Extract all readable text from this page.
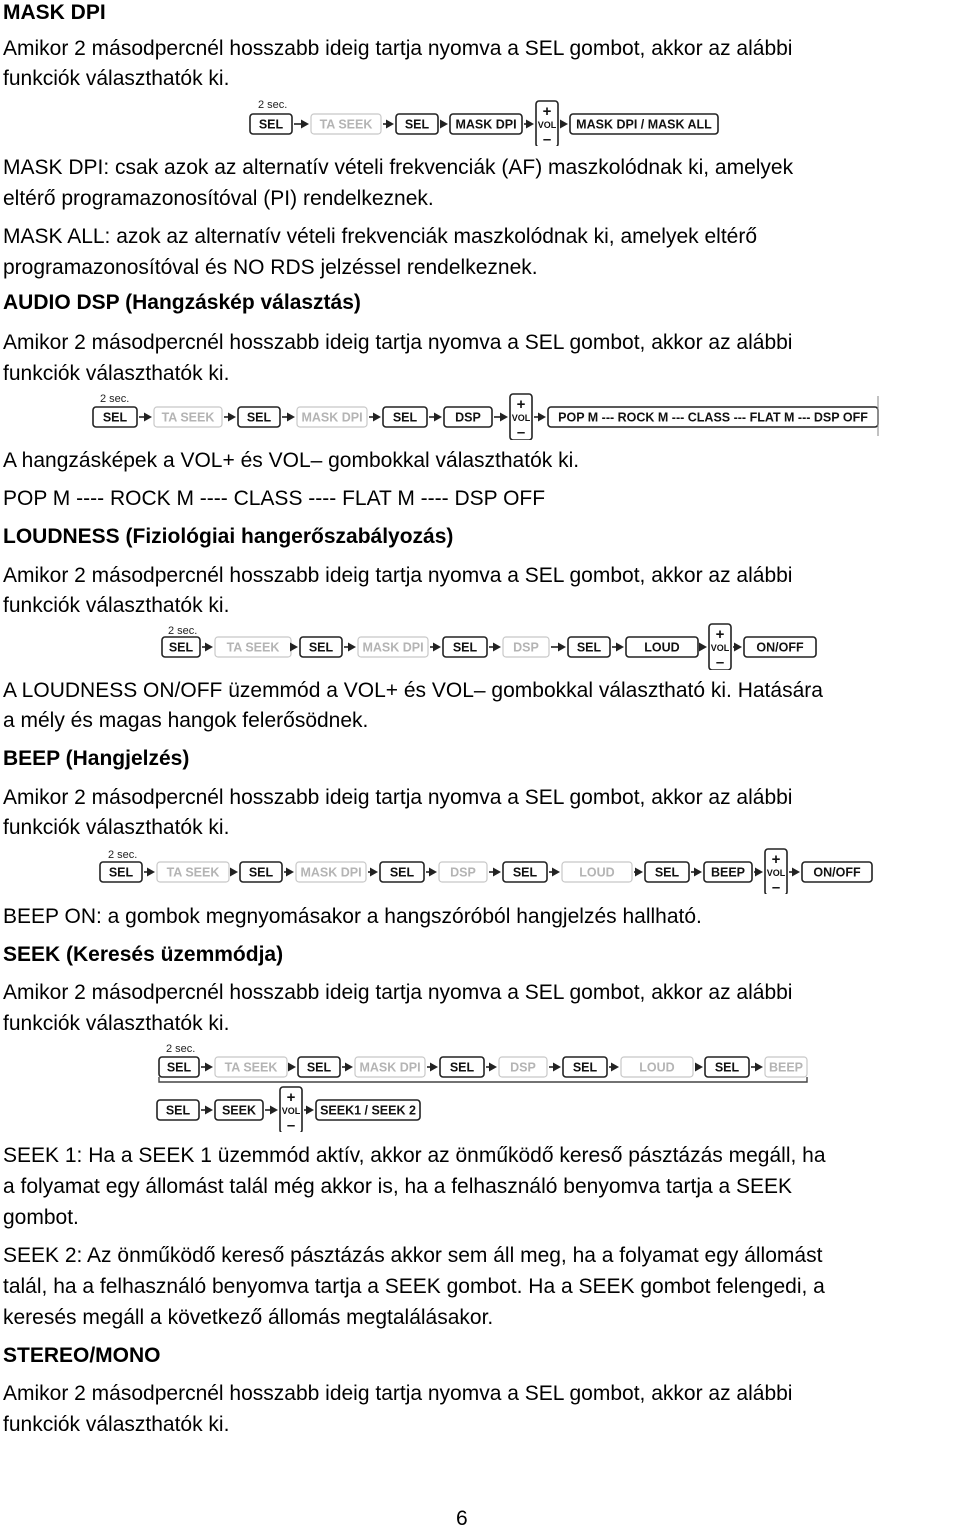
MASK DPI
Amikor 2 másodpercnél hosszabb ideig tartja nyomva a SEL gombot, akkor az alábbi
funkciók választhatók ki.
2 sec.
SEL	TA SEEK	SEL MASK DPI
+
VOL
–
MASK DPI / MASK ALL
MASK DPI: csak azok az alternatív vételi frekvenciák (AF) maszkolódnak ki, amelyek
eltérő programazonosítóval (PI) rendelkeznek.
MASK ALL: azok az alternatív vételi frekvenciák maszkolódnak ki, amelyek eltérő
programazonosítóval és NO RDS jelzéssel rendelkeznek.
AUDIO DSP (Hangzáskép választás)
Amikor 2 másodpercnél hosszabb ideig tartja nyomva a SEL gombot, akkor az alábbi
funkciók választhatók ki.
2 sec.
SEL	TA SEEK	SEL MASK DPI SEL	DSP
+
VOL
–
POP M --- ROCK M --- CLASS --- FLAT M --- DSP OFF
A hangzásképek a VOL+ és VOL– gombokkal választhatók ki.
POP M ---- ROCK M ---- CLASS ---- FLAT M ---- DSP OFF
LOUDNESS (Fiziológiai hangerőszabályozás)
Amikor 2 másodpercnél hosszabb ideig tartja nyomva a SEL gombot, akkor az alábbi
funkciók választhatók ki.
2 sec.
SEL	TA SEEK SEL MASK DPI SEL	DSP	SEL	LOUD
+
VOL
–
ON/OFF
A LOUDNESS ON/OFF üzemmód a VOL+ és VOL– gombokkal választható ki. Hatására
a mély és magas hangok felerősödnek.
BEEP (Hangjelzés)
Amikor 2 másodpercnél hosszabb ideig tartja nyomva a SEL gombot, akkor az alábbi
funkciók választhatók ki.
2 sec.
SEL	TA SEEK SEL MASK DPI SEL	DSP	SEL	LOUD	SEL	BEEP
+
VOL
–
ON/OFF
BEEP ON: a gombok megnyomásakor a hangszóróból hangjelzés hallható.
SEEK (Keresés üzemmódja)
Amikor 2 másodpercnél hosszabb ideig tartja nyomva a SEL gombot, akkor az alábbi
funkciók választhatók ki.
2 sec.
SEL	TA SEEK SEL MASK DPI SEL	DSP	SEL	LOUD	SEL BEEP
SEL	SEEK
+
VOL
–
SEEK1 / SEEK 2
SEEK 1: Ha a SEEK 1 üzemmód aktív, akkor az önműködő kereső pásztázás megáll, ha
a folyamat egy állomást talál még akkor is, ha a felhasználó benyomva tartja a SEEK
gombot.
SEEK 2: Az önműködő kereső pásztázás akkor sem áll meg, ha a folyamat egy állomást
talál, ha a felhasználó benyomva tartja a SEEK gombot. Ha a SEEK gombot felengedi, a
keresés megáll a következő állomás megtalálásakor.
STEREO/MONO
Amikor 2 másodpercnél hosszabb ideig tartja nyomva a SEL gombot, akkor az alábbi
funkciók választhatók ki.
6
